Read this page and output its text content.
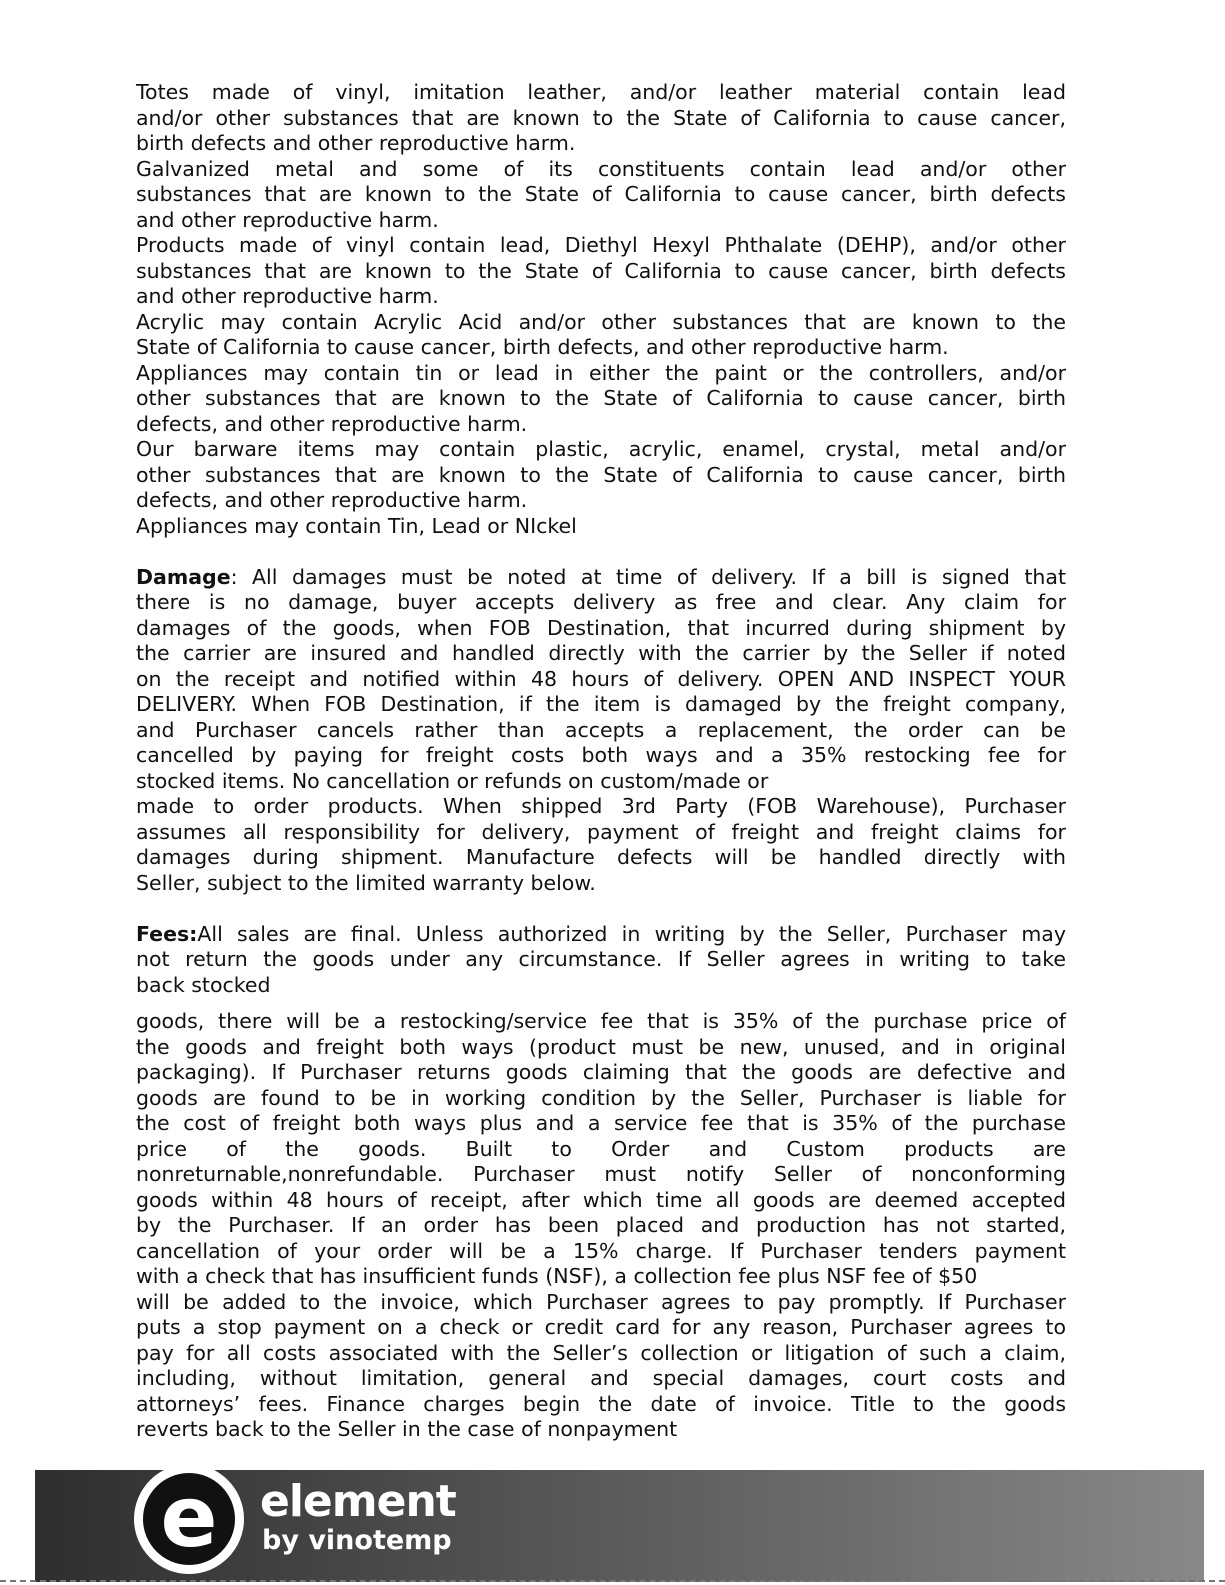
Totes made of vinyl, imitation leather, and/or leather material contain lead
and/or other substances that are known to the State of California to cause cancer,
birth defects and other reproductive harm.
Galvanized metal and some of its constituents contain lead and/or other
substances that are known to the State of California to cause cancer, birth defects
and other reproductive harm.
Products made of vinyl contain lead, Diethyl Hexyl Phthalate (DEHP), and/or other
substances that are known to the State of California to cause cancer, birth defects
and other reproductive harm.
Acrylic may contain Acrylic Acid and/or other substances that are known to the
State of California to cause cancer, birth defects, and other reproductive harm.
Appliances may contain tin or lead in either the paint or the controllers, and/or
other substances that are known to the State of California to cause cancer, birth
defects, and other reproductive harm.
Our barware items may contain plastic, acrylic, enamel, crystal, metal and/or
other substances that are known to the State of California to cause cancer, birth
defects, and other reproductive harm.
Appliances may contain Tin, Lead or NIckel
Damage: All damages must be noted at time of delivery. If a bill is signed that
there is no damage, buyer accepts delivery as free and clear. Any claim for
damages of the goods, when FOB Destination, that incurred during shipment by
the carrier are insured and handled directly with the carrier by the Seller if noted
on the receipt and notified within 48 hours of delivery. OPEN AND INSPECT YOUR
DELIVERY. When FOB Destination, if the item is damaged by the freight company,
and Purchaser cancels rather than accepts a replacement, the order can be
cancelled by paying for freight costs both ways and a 35% restocking fee for
stocked items. No cancellation or refunds on custom/made or
made to order products. When shipped 3rd Party (FOB Warehouse), Purchaser
assumes all responsibility for delivery, payment of freight and freight claims for
damages during shipment. Manufacture defects will be handled directly with
Seller, subject to the limited warranty below.
Fees:All sales are final. Unless authorized in writing by the Seller, Purchaser may
not return the goods under any circumstance. If Seller agrees in writing to take
back stocked
goods, there will be a restocking/service fee that is 35% of the purchase price of
the goods and freight both ways (product must be new, unused, and in original
packaging). If Purchaser returns goods claiming that the goods are defective and
goods are found to be in working condition by the Seller, Purchaser is liable for
the cost of freight both ways plus and a service fee that is 35% of the purchase
price of the goods. Built to Order and Custom products are
nonreturnable,nonrefundable. Purchaser must notify Seller of nonconforming
goods within 48 hours of receipt, after which time all goods are deemed accepted
by the Purchaser. If an order has been placed and production has not started,
cancellation of your order will be a 15% charge. If Purchaser tenders payment
with a check that has insufficient funds (NSF), a collection fee plus NSF fee of $50
will be added to the invoice, which Purchaser agrees to pay promptly. If Purchaser
puts a stop payment on a check or credit card for any reason, Purchaser agrees to
pay for all costs associated with the Seller’s collection or litigation of such a claim,
including, without limitation, general and special damages, court costs and
attorneys’ fees. Finance charges begin the date of invoice. Title to the goods
reverts back to the Seller in the case of nonpayment
e element
by vinotemp
